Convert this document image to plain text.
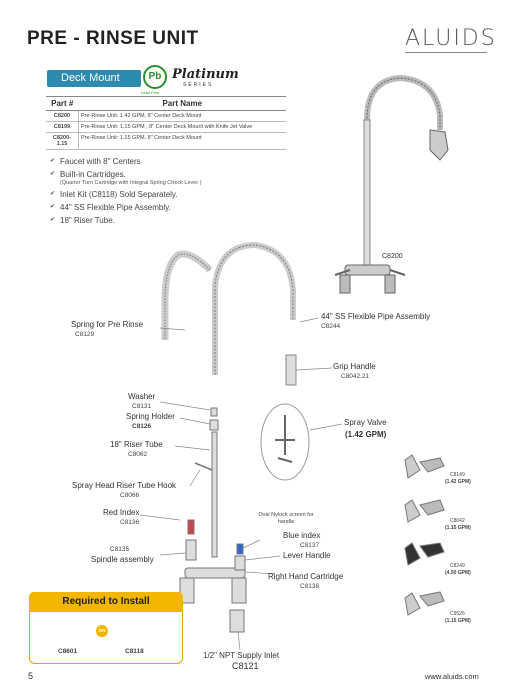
PRE - RINSE UNIT	ALUIDS
Deck Mount	Pb
Lead Free
Platinum
SERIES
Part #	Part Name
C8200	Pre-Rinse Unit: 1.42 GPM, 8" Center Deck Mount
C8199	Pre-Rinse Unit: 1.15 GPM , 8" Center Deck Mount with Knife Jet Valve
C8200-1.15	Pre-Rinse Unit: 1.15 GPM, 8" Center Deck Mount
✔ Faucet with 8" Centers
✔ Built-in Cartridges.
(Quarter Turn Cartridge with Integral Spring Check Lever )
✔ Inlet Kit (C8118) Sold Separately.
✔ 44" SS Flexible Pipe Assembly.
✔ 18" Riser Tube.
C8200
Spring for Pre Rinse
C8129
44" SS Flexible Pipe Assembly
C8244
Grip Handle
C8042.21
Washer
C8131
Spring Holder
C8126	Spray Valve
(1.42 GPM)
18" Riser Tube
C8062
Spray Head Riser Tube Hook
C8066
Red Index
C8136
Oval Nylock screen for handle
Blue index
C8137
C8135
Spindle assembly	Lever Handle
Right Hand Cartridge
C8138
1/2" NPT Supply Inlet
C8121
C8149
(1.42 GPM)
C8042
(1.15 GPM)
C8249
(4.50 GPM)
C9526
(1.15 GPM)
Required to Install
OR
C8601	C8118
5	www.aluids.com
